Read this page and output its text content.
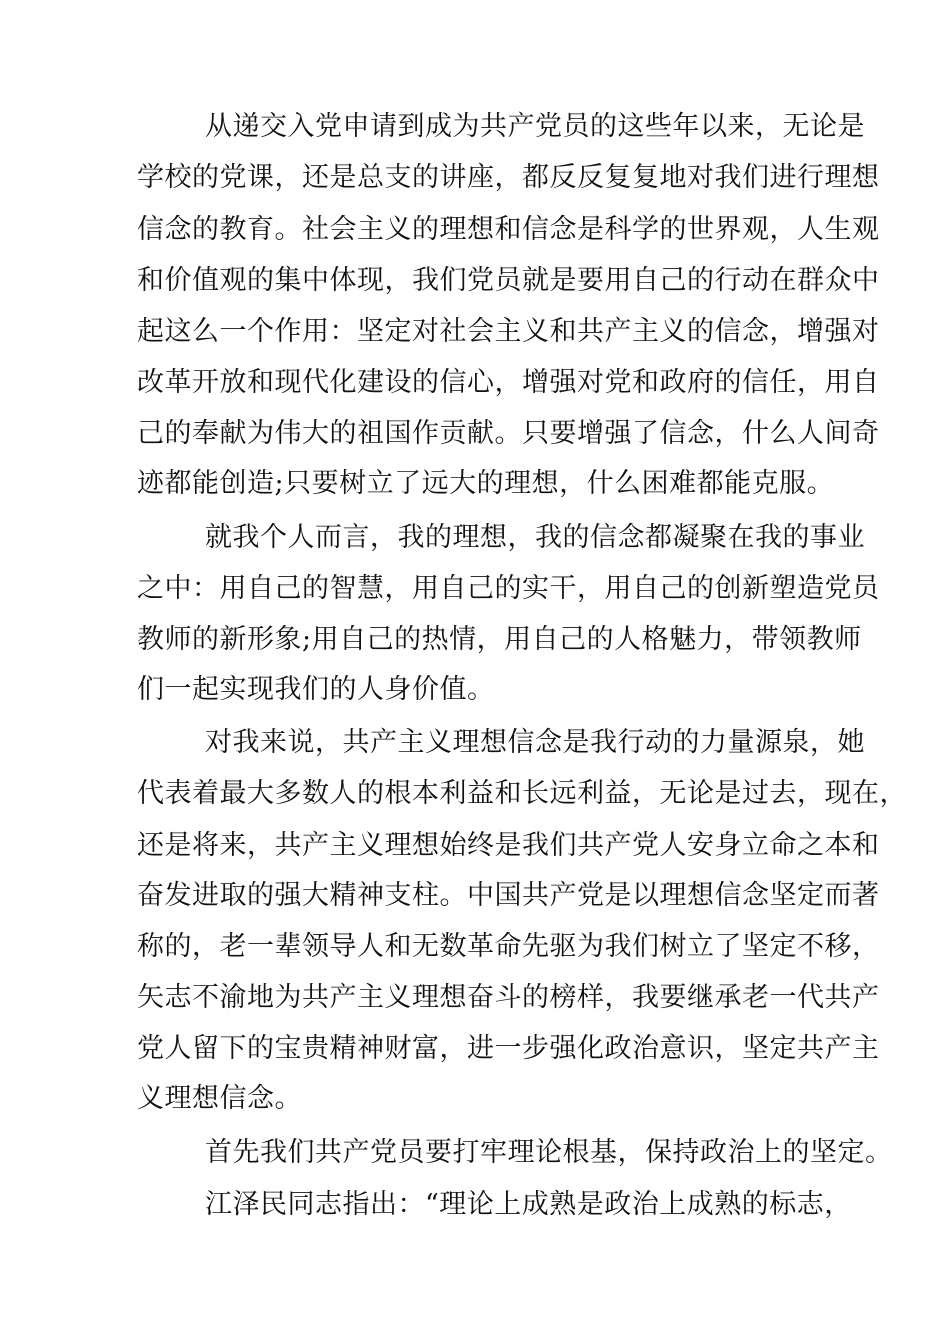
从递交入党申请到成为共产党员的这些年以来，无论是
学校的党课，还是总支的讲座，都反反复复地对我们进行理想
信念的教育。社会主义的理想和信念是科学的世界观，人生观
和价值观的集中体现，我们党员就是要用自己的行动在群众中
起这么一个作用：坚定对社会主义和共产主义的信念，增强对
改革开放和现代化建设的信心，增强对党和政府的信任，用自
己的奉献为伟大的祖国作贡献。只要增强了信念，什么人间奇
迹都能创造;只要树立了远大的理想，什么困难都能克服。
就我个人而言，我的理想，我的信念都凝聚在我的事业
之中：用自己的智慧，用自己的实干，用自己的创新塑造党员
教师的新形象;用自己的热情，用自己的人格魅力，带领教师
们一起实现我们的人身价值。
对我来说，共产主义理想信念是我行动的力量源泉，她
代表着最大多数人的根本利益和长远利益，无论是过去，现在，
还是将来，共产主义理想始终是我们共产党人安身立命之本和
奋发进取的强大精神支柱。中国共产党是以理想信念坚定而著
称的，老一辈领导人和无数革命先驱为我们树立了坚定不移，
矢志不渝地为共产主义理想奋斗的榜样，我要继承老一代共产
党人留下的宝贵精神财富，进一步强化政治意识，坚定共产主
义理想信念。
首先我们共产党员要打牢理论根基，保持政治上的坚定。
江泽民同志指出：“理论上成熟是政治上成熟的标志，
